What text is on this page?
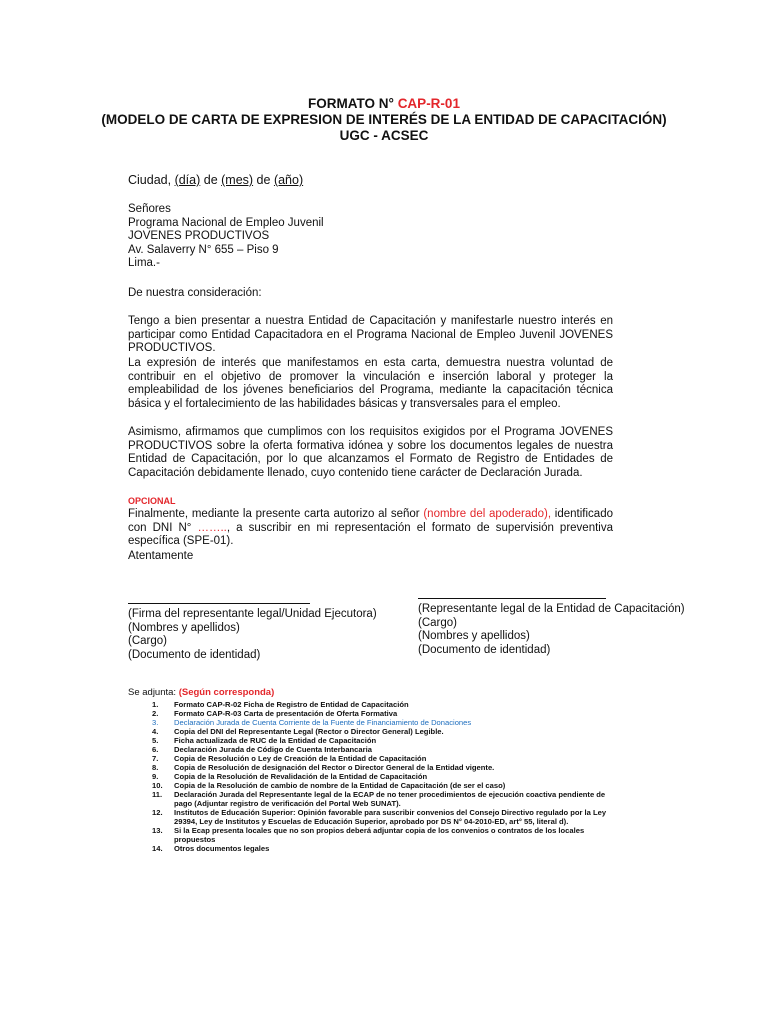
FORMATO N° CAP-R-01
(MODELO DE CARTA DE EXPRESION DE INTERÉS DE LA ENTIDAD DE CAPACITACIÓN)
UGC - ACSEC
Ciudad, (día) de (mes) de (año)
Señores
Programa Nacional de Empleo Juvenil
JOVENES PRODUCTIVOS
Av. Salaverry N° 655 – Piso 9
Lima.-
De nuestra consideración:
Tengo a bien presentar a nuestra Entidad de Capacitación y manifestarle nuestro interés en participar como Entidad Capacitadora en el Programa Nacional de Empleo Juvenil JOVENES PRODUCTIVOS.
La expresión de interés que manifestamos en esta carta, demuestra nuestra voluntad de contribuir en el objetivo de promover la vinculación e inserción laboral y proteger la empleabilidad de los jóvenes beneficiarios del Programa, mediante la capacitación técnica básica y el fortalecimiento de las habilidades básicas y transversales para el empleo.
Asimismo, afirmamos que cumplimos con los requisitos exigidos por el Programa JOVENES PRODUCTIVOS sobre la oferta formativa idónea y sobre los documentos legales de nuestra Entidad de Capacitación, por lo que alcanzamos el Formato de Registro de Entidades de Capacitación debidamente llenado, cuyo contenido tiene carácter de Declaración Jurada.
OPCIONAL
Finalmente, mediante la presente carta autorizo al señor (nombre del apoderado), identificado con DNI N° …….., a suscribir en mi representación el formato de supervisión preventiva específica (SPE-01).
Atentamente
(Firma del representante legal/Unidad Ejecutora)
(Nombres y apellidos)
(Cargo)
(Documento de identidad)
(Representante legal de la Entidad de Capacitación)
(Cargo)
(Nombres y apellidos)
(Documento de identidad)
Se adjunta: (Según corresponda)
1. Formato CAP-R-02 Ficha de Registro de Entidad de Capacitación
2. Formato CAP-R-03 Carta de presentación de Oferta Formativa
3. Declaración Jurada de Cuenta Corriente de la Fuente de Financiamiento de Donaciones
4. Copia del DNI del Representante Legal (Rector o Director General) Legible.
5. Ficha actualizada de RUC de la Entidad de Capacitación
6. Declaración Jurada de Código de Cuenta Interbancaria
7. Copia de Resolución o Ley de Creación de la Entidad de Capacitación
8. Copia de Resolución de designación del Rector o Director General de la Entidad vigente.
9. Copia de la Resolución de Revalidación de la Entidad de Capacitación
10. Copia de la Resolución de cambio de nombre de la Entidad de Capacitación (de ser el caso)
11. Declaración Jurada del Representante legal de la ECAP de no tener procedimientos de ejecución coactiva pendiente de pago (Adjuntar registro de verificación del Portal Web SUNAT).
12. Institutos de Educación Superior: Opinión favorable para suscribir convenios del Consejo Directivo regulado por la Ley 29394, Ley de Institutos y Escuelas de Educación Superior, aprobado por DS N° 04-2010-ED, art° 55, literal d).
13. Si la Ecap presenta locales que no son propios deberá adjuntar copia de los convenios o contratos de los locales propuestos
14. Otros documentos legales
